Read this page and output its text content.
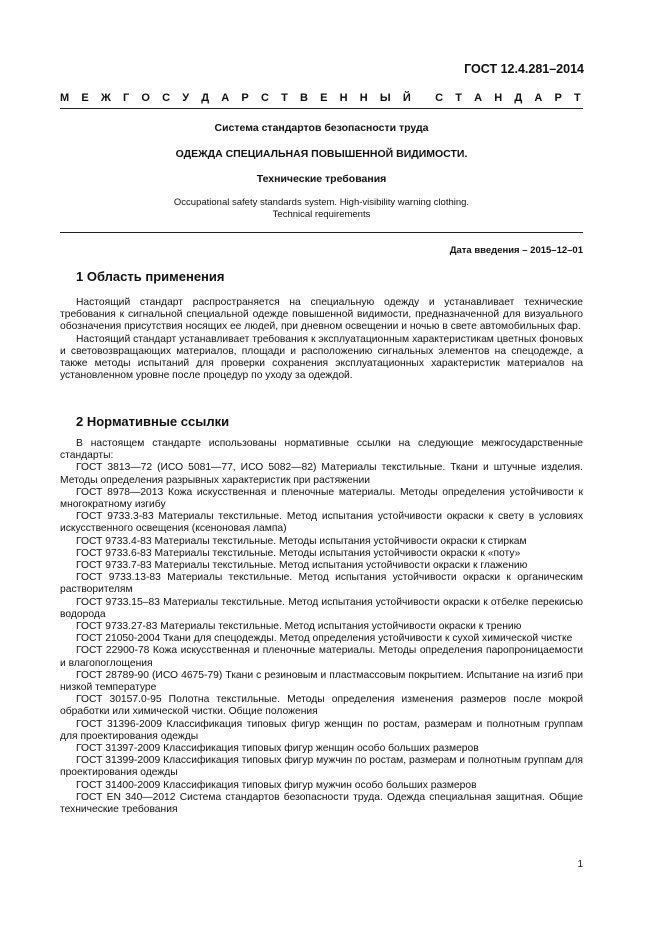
ГОСТ 12.4.281–2014
М Е Ж Г О С У Д А Р С Т В Е Н Н Ы Й С Т А Н Д А Р Т
Система стандартов безопасности труда
ОДЕЖДА СПЕЦИАЛЬНАЯ ПОВЫШЕННОЙ ВИДИМОСТИ.
Технические требования
Occupational safety standards system. High-visibility warning clothing.
Technical requirements
Дата введения – 2015–12–01
1 Область применения

Настоящий стандарт распространяется на специальную одежду и устанавливает технические требования к сигнальной специальной одежде повышенной видимости, предназначенной для визуального обозначения присутствия носящих ее людей, при дневном освещении и ночью в свете автомобильных фар.

Настоящий стандарт устанавливает требования к эксплуатационным характеристикам цветных фоновых и световозвращающих материалов, площади и расположению сигнальных элементов на спецодежде, а также методы испытаний для проверки сохранения эксплуатационных характеристик материалов на установленном уровне после процедур по уходу за одеждой.

2 Нормативные ссылки

В настоящем стандарте использованы нормативные ссылки на следующие межгосударственные стандарты:

ГОСТ 3813—72 (ИСО 5081—77, ИСО 5082—82) Материалы текстильные. Ткани и штучные изделия. Методы определения разрывных характеристик при растяжении

ГОСТ 8978—2013 Кожа искусственная и пленочные материалы. Методы определения устойчивости к многократному изгибу

ГОСТ 9733.3-83 Материалы текстильные. Метод испытания устойчивости окраски к свету в условиях искусственного освещения (ксеноновая лампа)

ГОСТ 9733.4-83 Материалы текстильные. Методы испытания устойчивости окраски к стиркам

ГОСТ 9733.6-83 Материалы текстильные. Методы испытания устойчивости окраски к «поту»

ГОСТ 9733.7-83 Материалы текстильные. Метод испытания устойчивости окраски к глажению

ГОСТ 9733.13-83 Материалы текстильные. Метод испытания устойчивости окраски к органическим растворителям

ГОСТ 9733.15–83 Материалы текстильные. Метод испытания устойчивости окраски к отбелке перекисью водорода

ГОСТ 9733.27-83 Материалы текстильные. Метод испытания устойчивости окраски к трению

ГОСТ 21050-2004 Ткани для спецодежды. Метод определения устойчивости к сухой химической чистке

ГОСТ 22900-78 Кожа искусственная и пленочные материалы. Методы определения паропроницаемости и влагопоглощения

ГОСТ 28789-90 (ИСО 4675-79) Ткани с резиновым и пластмассовым покрытием. Испытание на изгиб при низкой температуре

ГОСТ 30157.0-95 Полотна текстильные. Методы определения изменения размеров после мокрой обработки или химической чистки. Общие положения

ГОСТ 31396-2009 Классификация типовых фигур женщин по ростам, размерам и полнотным группам для проектирования одежды

ГОСТ 31397-2009 Классификация типовых фигур женщин особо больших размеров

ГОСТ 31399-2009 Классификация типовых фигур мужчин по ростам, размерам и полнотным группам для проектирования одежды

ГОСТ 31400-2009 Классификация типовых фигур мужчин особо больших размеров

ГОСТ EN 340—2012 Система стандартов безопасности труда. Одежда специальная защитная. Общие технические требования

1
